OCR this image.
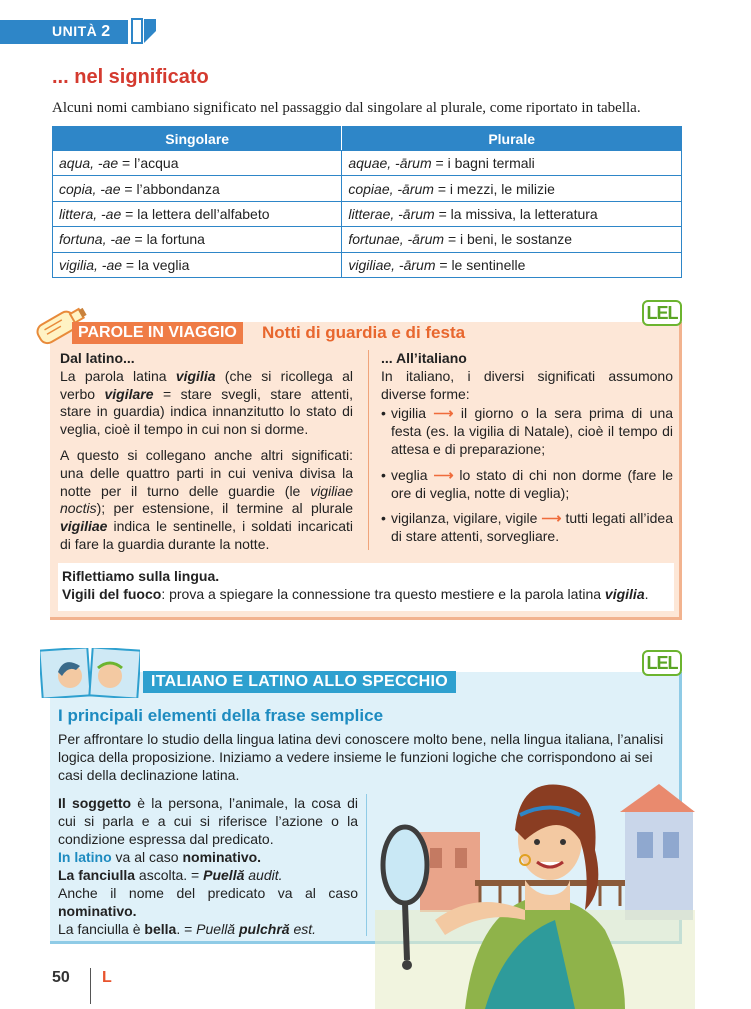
UNITÀ 2
... nel significato
Alcuni nomi cambiano significato nel passaggio dal singolare al plurale, come riportato in tabella.
Singolare	Plurale
aqua, -ae = l’acqua	aquae, -ārum = i bagni termali
copia, -ae = l’abbondanza	copiae, -ārum = i mezzi, le milizie
littera, -ae = la lettera dell’alfabeto	litterae, -ārum = la missiva, la letteratura
fortuna, -ae = la fortuna	fortunae, -ārum = i beni, le sostanze
vigilia, -ae = la veglia	vigiliae, -ārum = le sentinelle
PAROLE IN VIAGGIO	Notti di guardia e di festa
LEL

Dal latino...

La parola latina vigilia (che si ricollega al verbo vigilare = stare svegli, stare attenti, stare in guardia) indica innanzitutto lo stato di veglia, cioè il tempo in cui non si dorme.

A questo si collegano anche altri significati: una delle quattro parti in cui veniva divisa la notte per il turno delle guardie (le vigiliae noctis); per estensione, il termine al plurale vigiliae indica le sentinelle, i soldati incaricati di fare la guardia durante la notte.

... All’italiano

In italiano, i diversi significati assumono diverse forme:

• vigilia ⟶ il giorno o la sera prima di una festa (es. la vigilia di Natale), cioè il tempo di attesa e di preparazione;
• veglia ⟶ lo stato di chi non dorme (fare le ore di veglia, notte di veglia);
• vigilanza, vigilare, vigile ⟶ tutti legati all’idea di stare attenti, sorvegliare.
Riflettiamo sulla lingua.
Vigili del fuoco: prova a spiegare la connessione tra questo mestiere e la parola latina vigilia.
ITALIANO E LATINO ALLO SPECCHIO
LEL
I principali elementi della frase semplice
Per affrontare lo studio della lingua latina devi conoscere molto bene, nella lingua italiana, l’analisi logica della proposizione. Iniziamo a vedere insieme le funzioni logiche che corrispondono ai sei casi della declinazione latina.
Il soggetto è la persona, l’animale, la cosa di cui si parla e a cui si riferisce l’azione o la condizione espressa dal predicato.
In latino va al caso nominativo.
La fanciulla ascolta. = Puellă audit.
Anche il nome del predicato va al caso nominativo.
La fanciulla è bella. = Puellă pulchră est.
50 L
